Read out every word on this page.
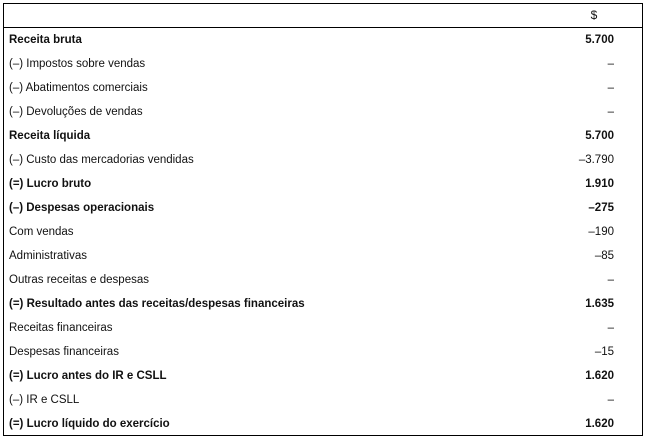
$
Receita bruta	5.700
(–) Impostos sobre vendas	–
(–) Abatimentos comerciais	–
(–) Devoluções de vendas	–
Receita líquida	5.700
(–) Custo das mercadorias vendidas	–3.790
(=) Lucro bruto	1.910
(–) Despesas operacionais	–275
Com vendas	–190
Administrativas	–85
Outras receitas e despesas	–
(=) Resultado antes das receitas/despesas financeiras	1.635
Receitas financeiras	–
Despesas financeiras	–15
(=) Lucro antes do IR e CSLL	1.620
(–) IR e CSLL	–
(=) Lucro líquido do exercício	1.620
